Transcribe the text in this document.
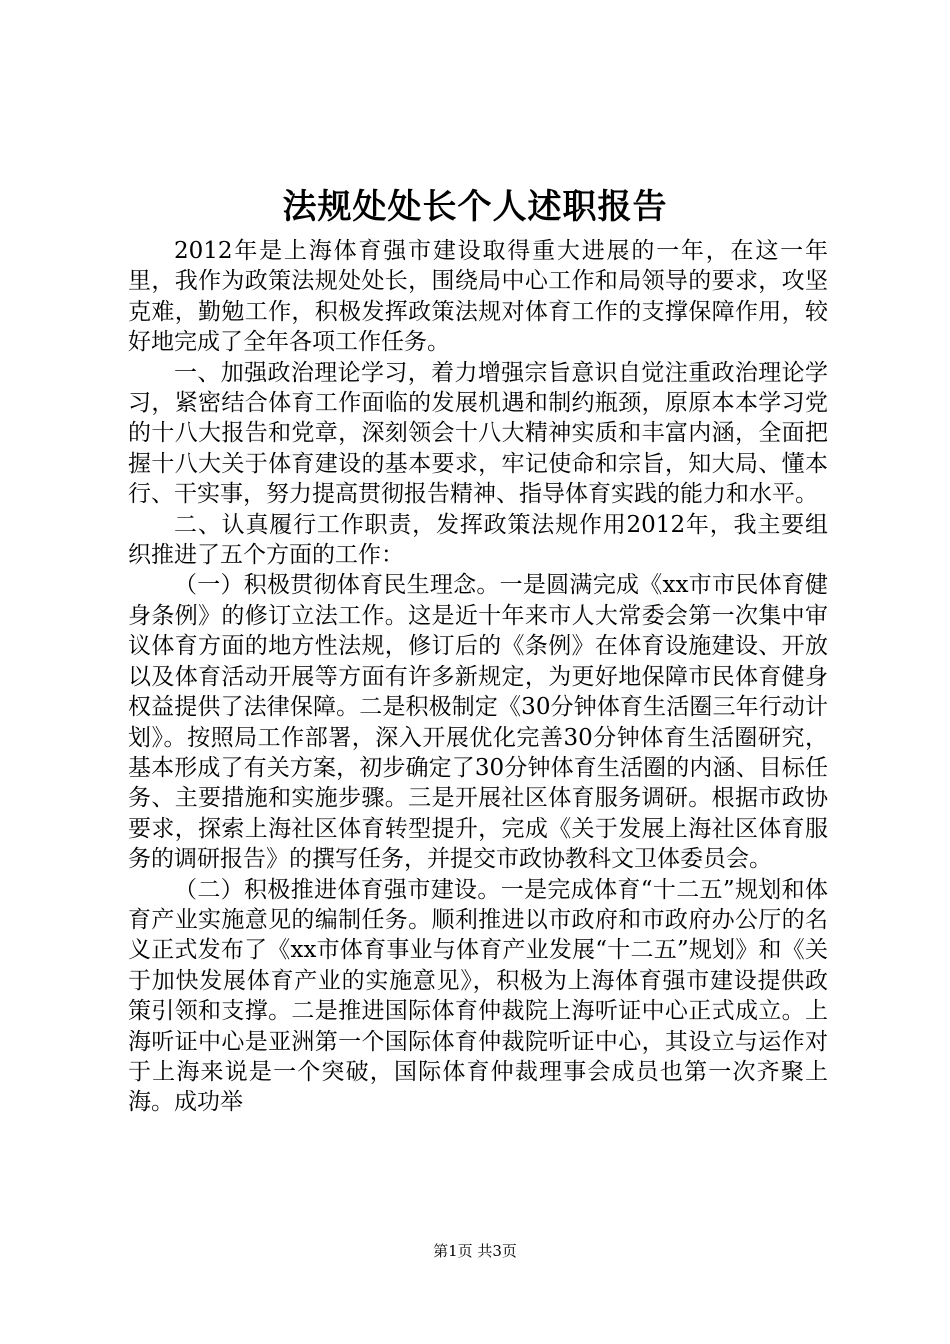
法规处处长个人述职报告

2012年是上海体育强市建设取得重大进展的一年，在这一年里，我作为政策法规处处长，围绕局中心工作和局领导的要求，攻坚克难，勤勉工作，积极发挥政策法规对体育工作的支撑保障作用，较好地完成了全年各项工作任务。

一、加强政治理论学习，着力增强宗旨意识自觉注重政治理论学习，紧密结合体育工作面临的发展机遇和制约瓶颈，原原本本学习党的十八大报告和党章，深刻领会十八大精神实质和丰富内涵，全面把握十八大关于体育建设的基本要求，牢记使命和宗旨，知大局、懂本行、干实事，努力提高贯彻报告精神、指导体育实践的能力和水平。

二、认真履行工作职责，发挥政策法规作用2012年，我主要组织推进了五个方面的工作：

（一）积极贯彻体育民生理念。一是圆满完成《xx市市民体育健身条例》的修订立法工作。这是近十年来市人大常委会第一次集中审议体育方面的地方性法规，修订后的《条例》在体育设施建设、开放以及体育活动开展等方面有许多新规定，为更好地保障市民体育健身权益提供了法律保障。二是积极制定《30分钟体育生活圈三年行动计划》。按照局工作部署，深入开展优化完善30分钟体育生活圈研究，基本形成了有关方案，初步确定了30分钟体育生活圈的内涵、目标任务、主要措施和实施步骤。三是开展社区体育服务调研。根据市政协要求，探索上海社区体育转型提升，完成《关于发展上海社区体育服务的调研报告》的撰写任务，并提交市政协教科文卫体委员会。

（二）积极推进体育强市建设。一是完成体育“十二五”规划和体育产业实施意见的编制任务。顺利推进以市政府和市政府办公厅的名义正式发布了《xx市体育事业与体育产业发展“十二五”规划》和《关于加快发展体育产业的实施意见》，积极为上海体育强市建设提供政策引领和支撑。二是推进国际体育仲裁院上海听证中心正式成立。上海听证中心是亚洲第一个国际体育仲裁院听证中心，其设立与运作对于上海来说是一个突破，国际体育仲裁理事会成员也第一次齐聚上海。成功举

第1页 共3页
